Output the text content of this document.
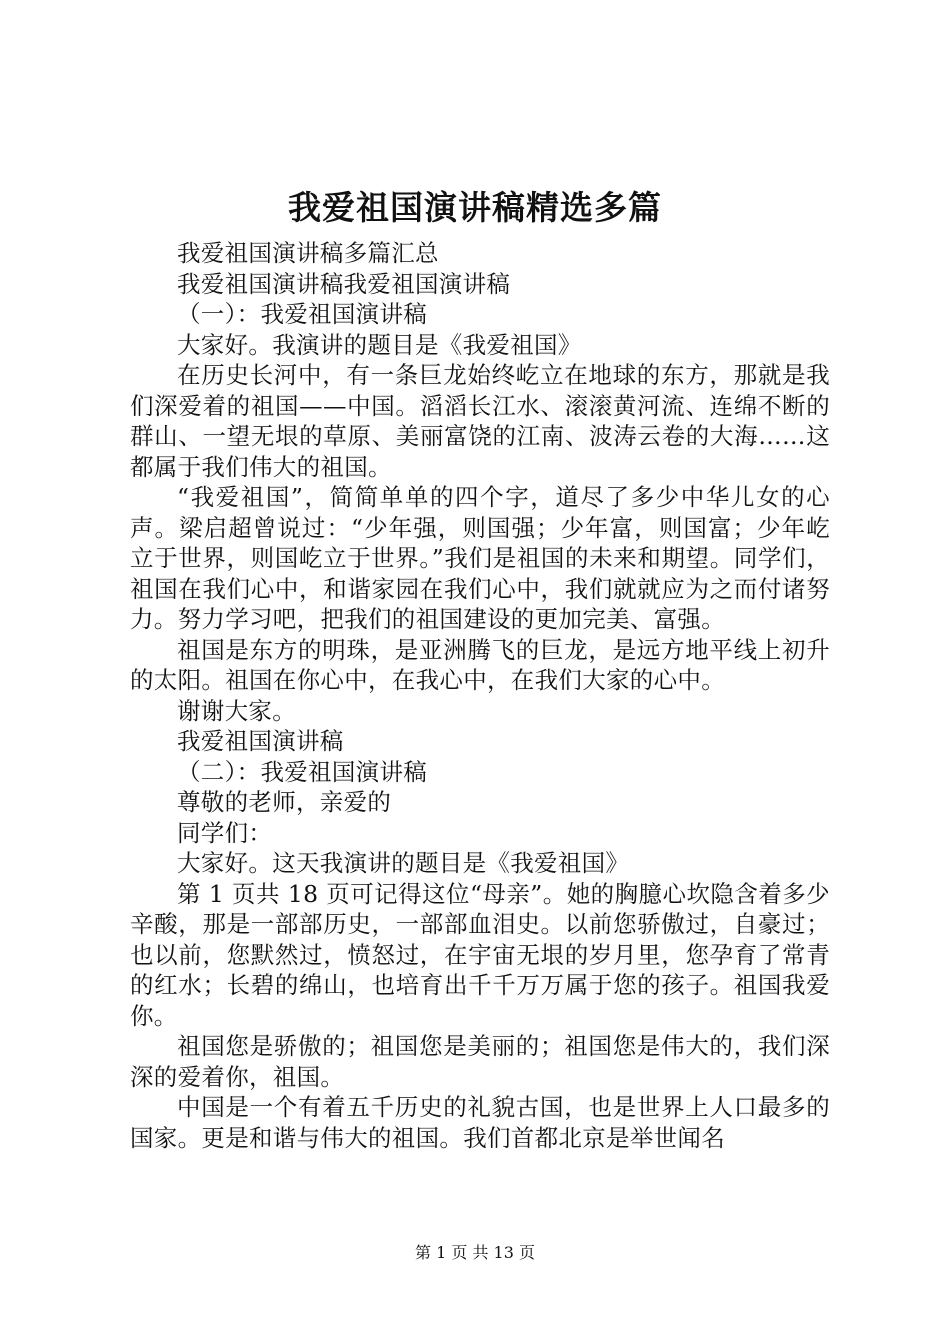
我爱祖国演讲稿精选多篇

我爱祖国演讲稿多篇汇总

我爱祖国演讲稿我爱祖国演讲稿

（一）：我爱祖国演讲稿

大家好。我演讲的题目是《我爱祖国》

在历史长河中，有一条巨龙始终屹立在地球的东方，那就是我们深爱着的祖国——中国。滔滔长江水、滚滚黄河流、连绵不断的群山、一望无垠的草原、美丽富饶的江南、波涛云卷的大海……这都属于我们伟大的祖国。

“我爱祖国”，简简单单的四个字，道尽了多少中华儿女的心声。梁启超曾说过：“少年强，则国强；少年富，则国富；少年屹立于世界，则国屹立于世界。”我们是祖国的未来和期望。同学们，祖国在我们心中，和谐家园在我们心中，我们就就应为之而付诸努力。努力学习吧，把我们的祖国建设的更加完美、富强。

祖国是东方的明珠，是亚洲腾飞的巨龙，是远方地平线上初升的太阳。祖国在你心中，在我心中，在我们大家的心中。

谢谢大家。

我爱祖国演讲稿

（二）：我爱祖国演讲稿

尊敬的老师，亲爱的

同学们：

大家好。这天我演讲的题目是《我爱祖国》

第 1 页共 18 页可记得这位“母亲”。她的胸臆心坎隐含着多少辛酸，那是一部部历史，一部部血泪史。以前您骄傲过，自豪过；也以前，您默然过，愤怒过，在宇宙无垠的岁月里，您孕育了常青的红水；长碧的绵山，也培育出千千万万属于您的孩子。祖国我爱你。

祖国您是骄傲的；祖国您是美丽的；祖国您是伟大的，我们深深的爱着你，祖国。

中国是一个有着五千历史的礼貌古国，也是世界上人口最多的国家。更是和谐与伟大的祖国。我们首都北京是举世闻名

第 1 页 共 13 页
